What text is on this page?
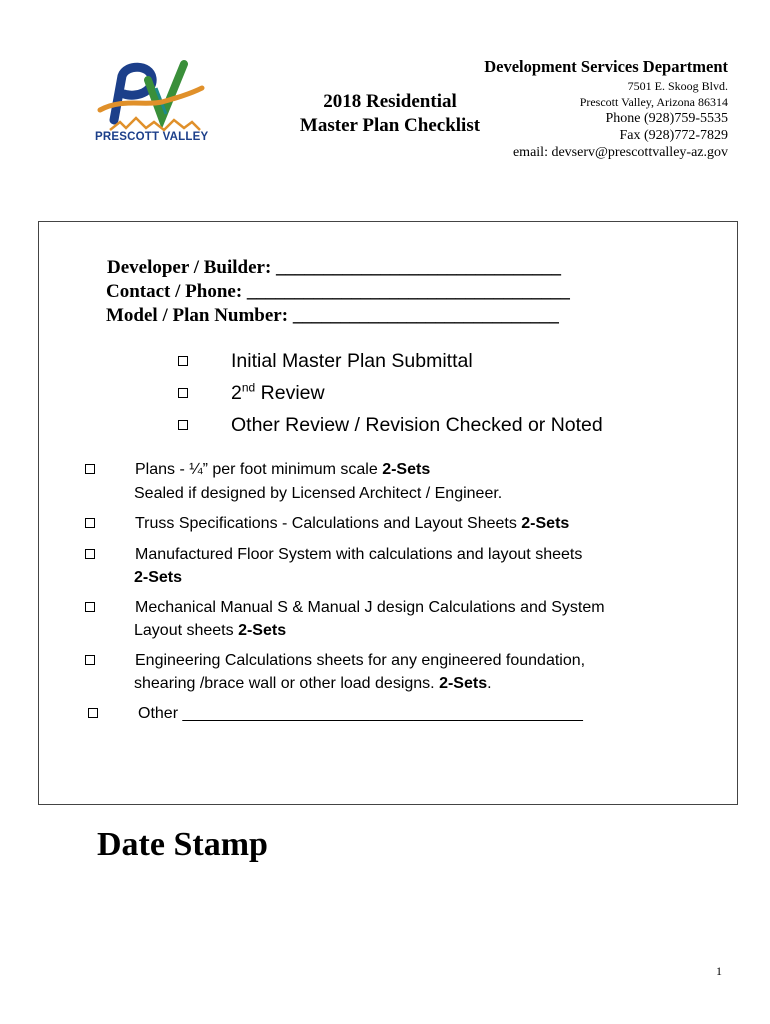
PRESCOTT VALLEY
2018 Residential
Master Plan Checklist
Development Services Department
7501 E. Skoog Blvd.
Prescott Valley, Arizona 86314
Phone (928)759-5535
Fax (928)772-7829
email: devserv@prescottvalley-az.gov
Developer / Builder: ______________________________
Contact / Phone: __________________________________
Model / Plan Number: ____________________________
Initial Master Plan Submittal
2nd Review
Other Review / Revision Checked or Noted
Plans - ¼” per foot minimum scale 2-Sets
Sealed if designed by Licensed Architect / Engineer.
Truss Specifications - Calculations and Layout Sheets 2-Sets
Manufactured Floor System with calculations and layout sheets
2-Sets
Mechanical Manual S & Manual J design Calculations and System
Layout sheets 2-Sets
Engineering Calculations sheets for any engineered foundation,
shearing /brace wall or other load designs. 2-Sets.
Other _____________________________________________
Date Stamp
1
